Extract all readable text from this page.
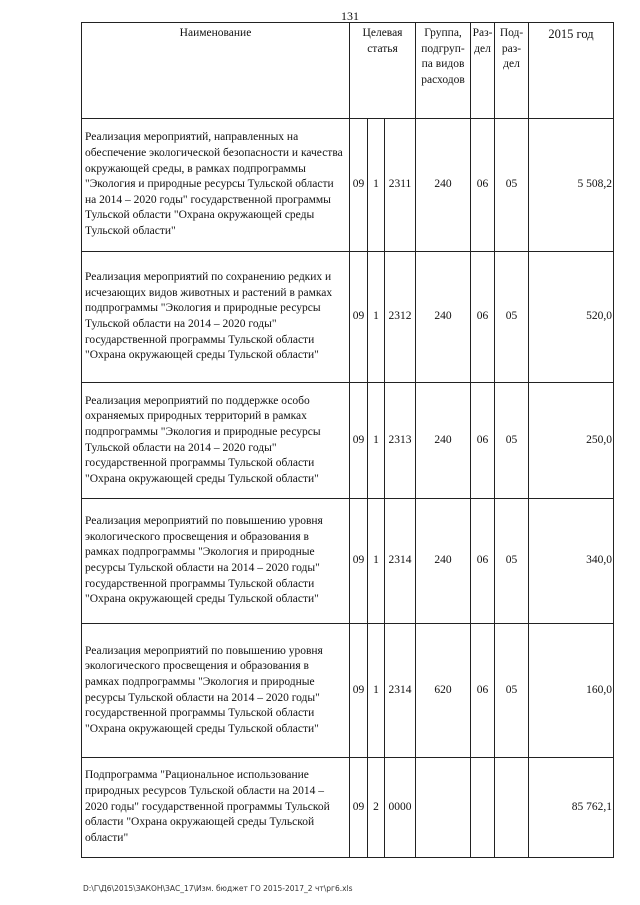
131
Наименование	Целевая статья			Группа, подгруп-па видов расходов	Раз-дел	Под-раз-дел	2015 год
Реализация мероприятий, направленных на обеспечение экологической безопасности и качества окружающей среды, в рамках подпрограммы "Экология и природные ресурсы Тульской области на 2014 – 2020 годы" государственной программы Тульской области "Охрана окружающей среды Тульской области"	09	1	2311	240	06	05	5 508,2
Реализация мероприятий по сохранению редких и исчезающих видов животных и растений в рамках подпрограммы "Экология и природные ресурсы Тульской области на 2014 – 2020 годы" государственной программы Тульской области "Охрана окружающей среды Тульской области"	09	1	2312	240	06	05	520,0
Реализация мероприятий по поддержке особо охраняемых природных территорий в рамках подпрограммы "Экология и природные ресурсы Тульской области на 2014 – 2020 годы" государственной программы Тульской области "Охрана окружающей среды Тульской области"	09	1	2313	240	06	05	250,0
Реализация мероприятий по повышению уровня экологического просвещения и образования в рамках подпрограммы "Экология и природные ресурсы Тульской области на 2014 – 2020 годы" государственной программы Тульской области "Охрана окружающей среды Тульской области"	09	1	2314	240	06	05	340,0
Реализация мероприятий по повышению уровня экологического просвещения и образования в рамках подпрограммы "Экология и природные ресурсы Тульской области на 2014 – 2020 годы" государственной программы Тульской области "Охрана окружающей среды Тульской области"	09	1	2314	620	06	05	160,0
Подпрограмма "Рациональное использование природных ресурсов Тульской области на 2014 – 2020 годы" государственной программы Тульской области "Охрана окружающей среды Тульской области"	09	2	0000				85 762,1
D:\Г\Д6\2015\ЗАКОН\ЗАС_17\Изм. бюджет ГО 2015-2017_2 чт\рг6.xls
